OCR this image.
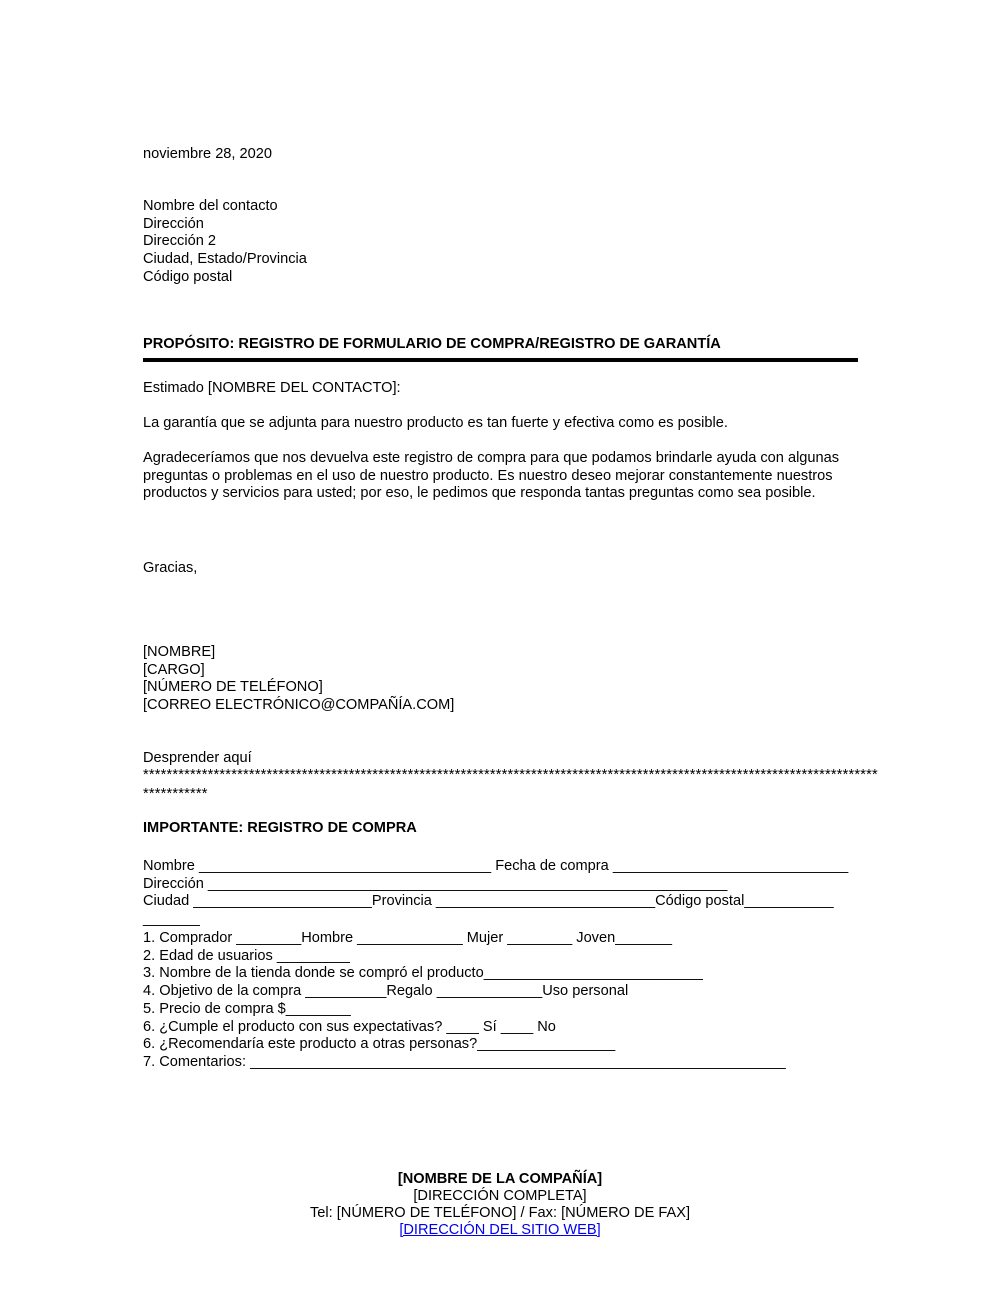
noviembre 28, 2020
Nombre del contacto
Dirección
Dirección 2
Ciudad, Estado/Provincia
Código postal
PROPÓSITO: REGISTRO DE FORMULARIO DE COMPRA/REGISTRO DE GARANTÍA
Estimado [NOMBRE DEL CONTACTO]:
La garantía que se adjunta para nuestro producto es tan fuerte y efectiva como es posible.
Agradeceríamos que nos devuelva este registro de compra para que podamos brindarle ayuda con algunas preguntas o problemas en el uso de nuestro producto. Es nuestro deseo mejorar constantemente nuestros productos y servicios para usted; por eso, le pedimos que responda tantas preguntas como sea posible.
Gracias,
[NOMBRE]
[CARGO]
[NÚMERO DE TELÉFONO]
[CORREO ELECTRÓNICO@COMPAÑÍA.COM]
Desprender aquí
*****************************************************************************************************************************
***********
IMPORTANTE: REGISTRO DE COMPRA
Nombre ____________________________________ Fecha de compra _____________________________
Dirección ________________________________________________________________
Ciudad ______________________Provincia ___________________________Código postal___________
_______
1. Comprador ________Hombre _____________ Mujer ________ Joven_______
2. Edad de usuarios _________
3. Nombre de la tienda donde se compró el producto___________________________
4. Objetivo de la compra __________Regalo _____________Uso personal
5. Precio de compra $________
6. ¿Cumple el producto con sus expectativas? ____ Sí ____ No
6. ¿Recomendaría este producto a otras personas?_________________
7. Comentarios: __________________________________________________________________
[NOMBRE DE LA COMPAÑÍA]
[DIRECCIÓN COMPLETA]
Tel: [NÚMERO DE TELÉFONO] / Fax: [NÚMERO DE FAX]
[DIRECCIÓN DEL SITIO WEB]
